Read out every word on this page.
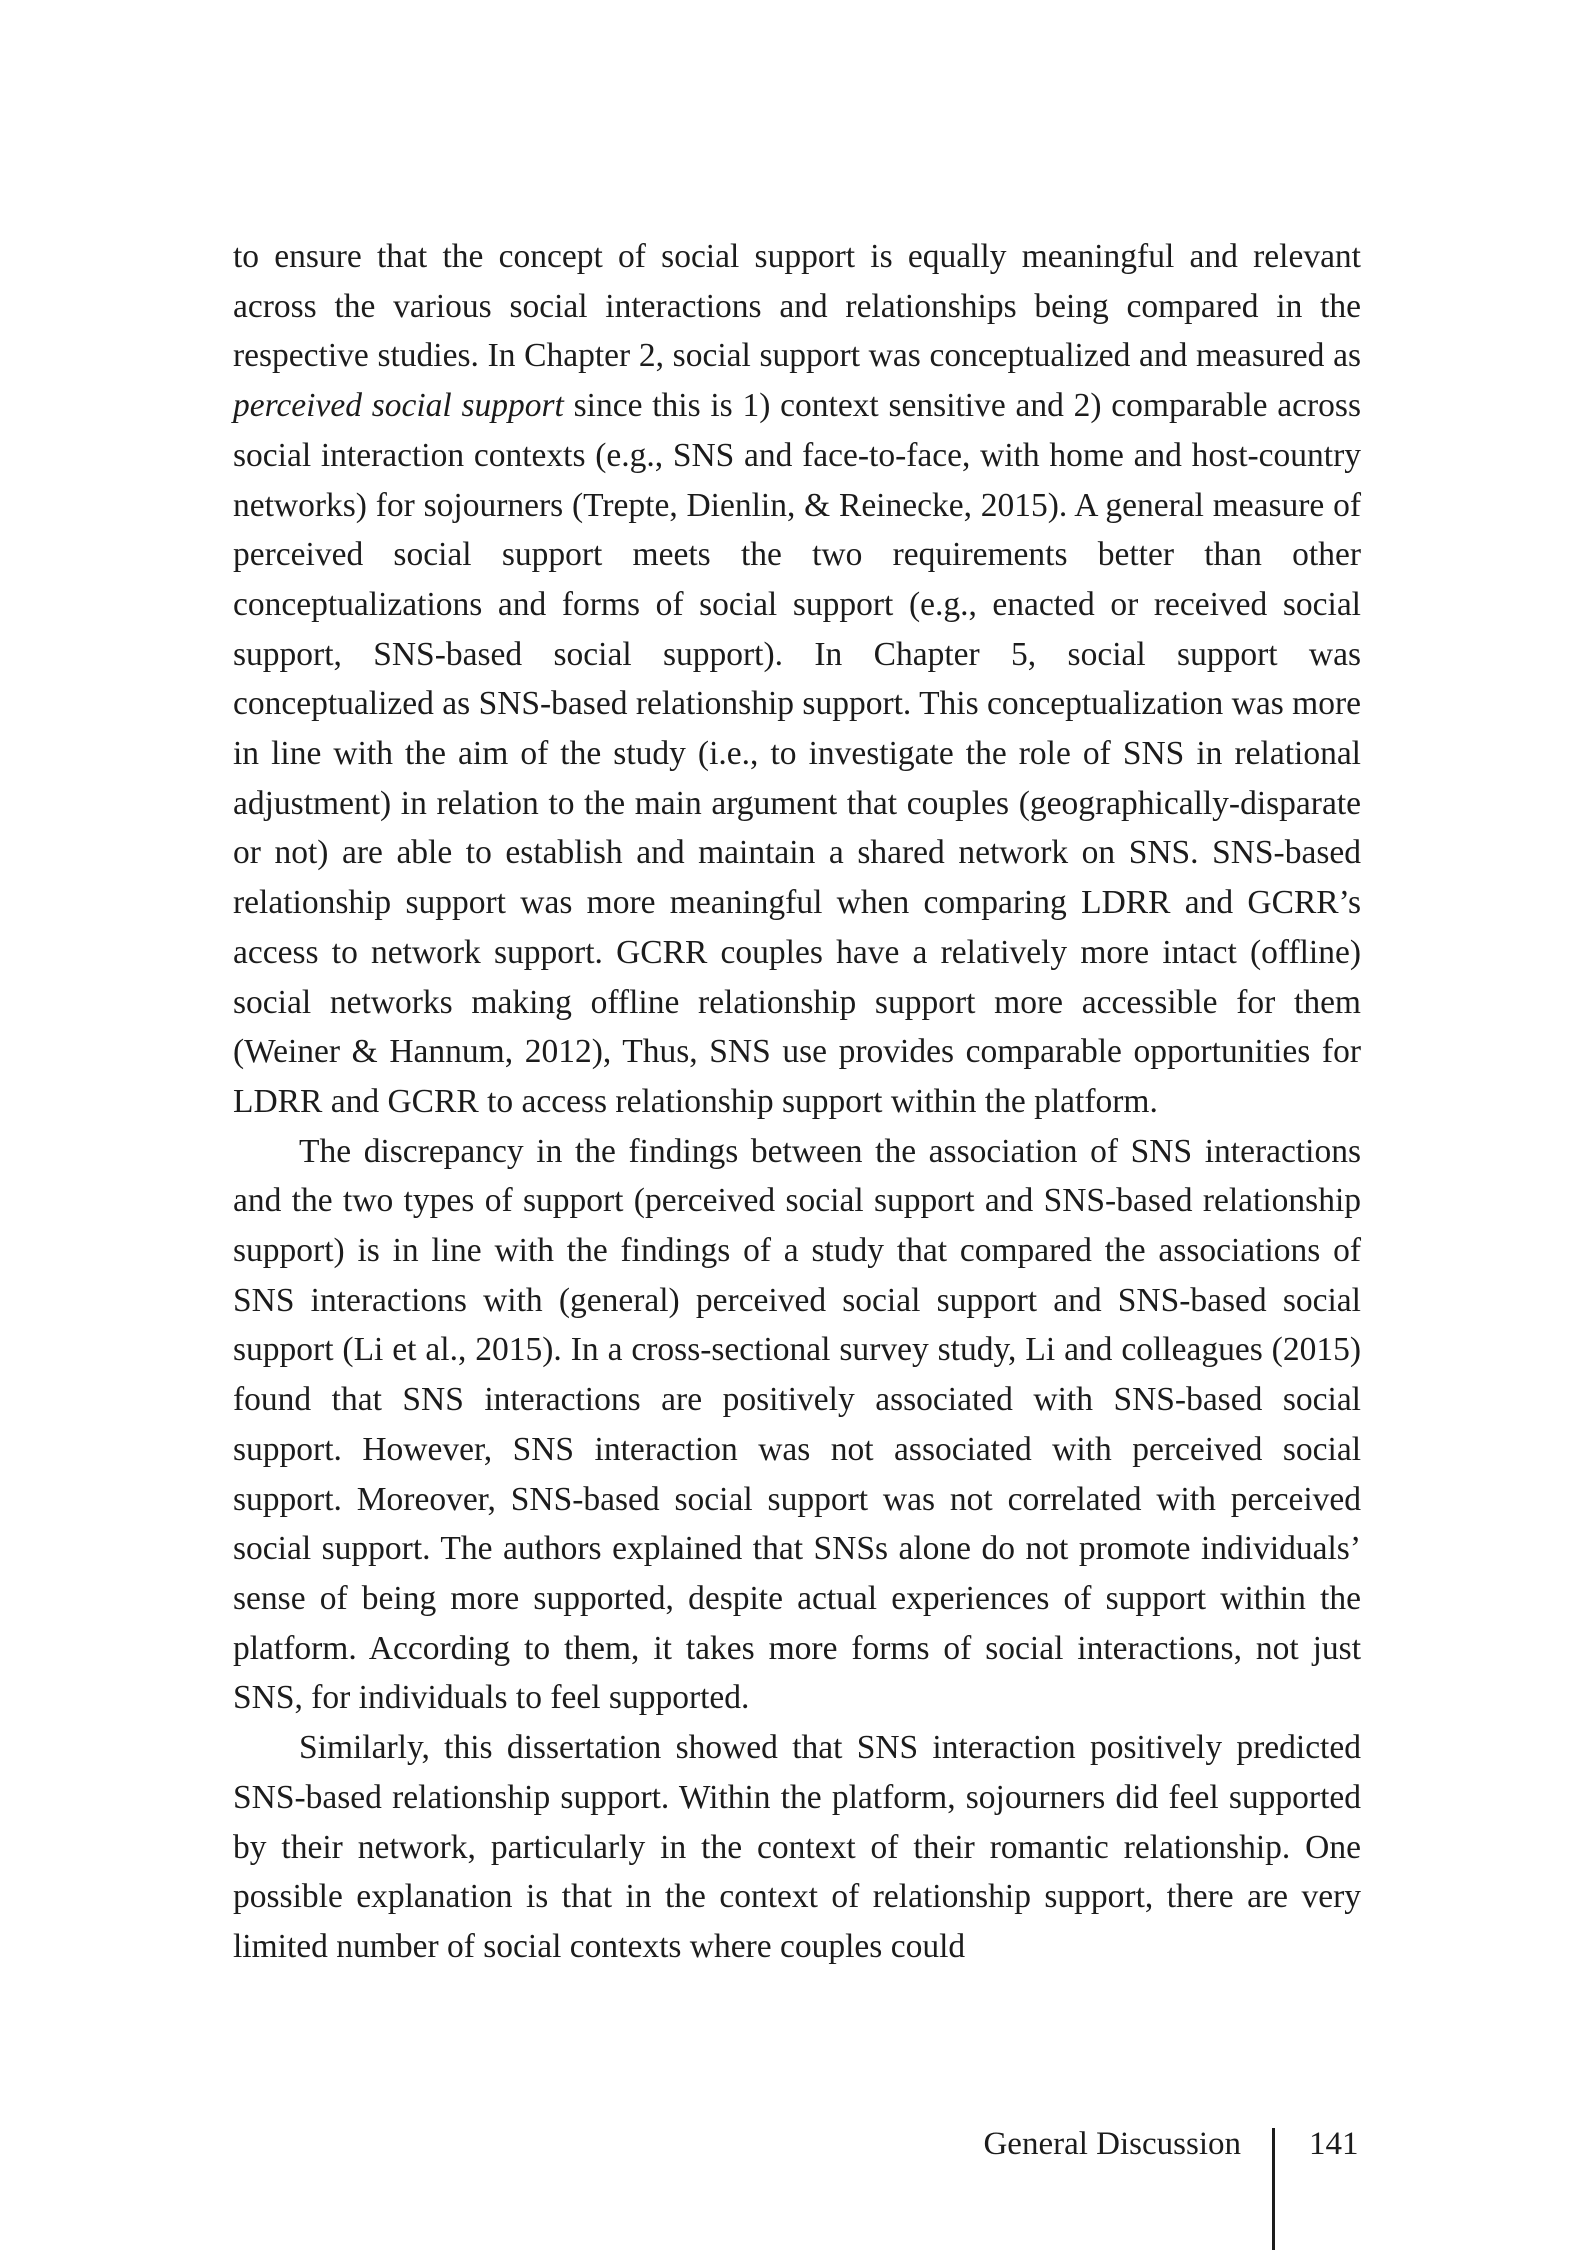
to ensure that the concept of social support is equally meaningful and relevant across the various social interactions and relationships being compared in the respective studies. In Chapter 2, social support was conceptualized and measured as perceived social support since this is 1) context sensitive and 2) comparable across social interaction contexts (e.g., SNS and face-to-face, with home and host-country networks) for sojourners (Trepte, Dienlin, & Reinecke, 2015). A general measure of perceived social support meets the two requirements better than other conceptualizations and forms of social support (e.g., enacted or received social support, SNS-based social support). In Chapter 5, social support was conceptualized as SNS-based relationship support. This conceptualization was more in line with the aim of the study (i.e., to investigate the role of SNS in relational adjustment) in relation to the main argument that couples (geographically-disparate or not) are able to establish and maintain a shared network on SNS. SNS-based relationship support was more meaningful when comparing LDRR and GCRR’s access to network support. GCRR couples have a relatively more intact (offline) social networks making offline relationship support more accessible for them (Weiner & Hannum, 2012), Thus, SNS use provides comparable opportunities for LDRR and GCRR to access relationship support within the platform.

The discrepancy in the findings between the association of SNS interactions and the two types of support (perceived social support and SNS-based relationship support) is in line with the findings of a study that compared the associations of SNS interactions with (general) perceived social support and SNS-based social support (Li et al., 2015). In a cross-sectional survey study, Li and colleagues (2015) found that SNS interactions are positively associated with SNS-based social support. However, SNS interaction was not associated with perceived social support. Moreover, SNS-based social support was not correlated with perceived social support. The authors explained that SNSs alone do not promote individuals’ sense of being more supported, despite actual experiences of support within the platform. According to them, it takes more forms of social interactions, not just SNS, for individuals to feel supported.

Similarly, this dissertation showed that SNS interaction positively predicted SNS-based relationship support. Within the platform, sojourners did feel supported by their network, particularly in the context of their romantic relationship. One possible explanation is that in the context of relationship support, there are very limited number of social contexts where couples could

General Discussion 141
